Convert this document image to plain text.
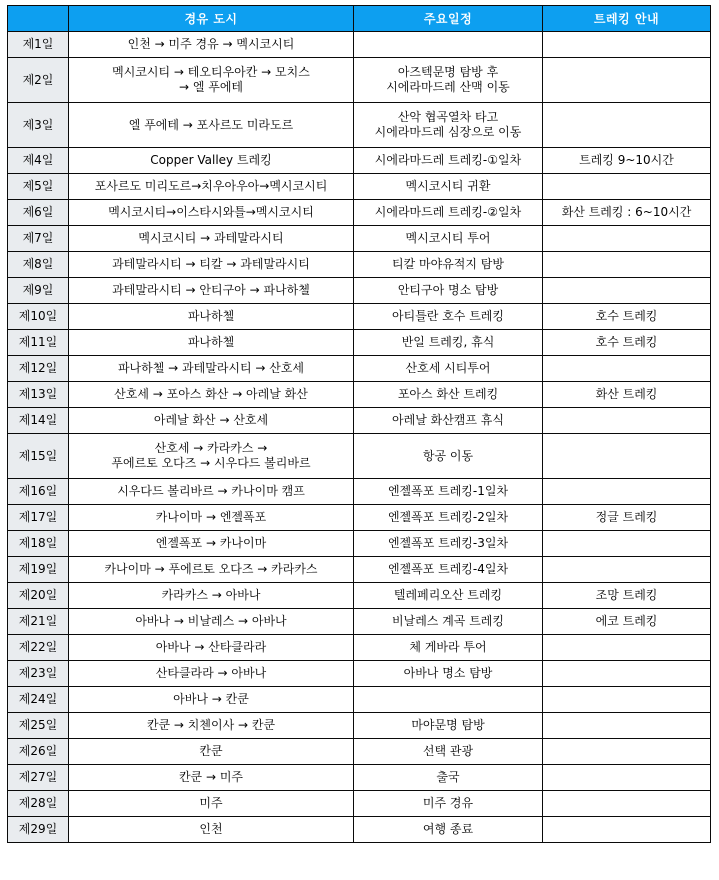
	경유 도시	주요일정	트레킹 안내
제1일	인천 → 미주 경유 → 멕시코시티		
제2일	멕시코시티 → 테오티우아칸 → 모치스
→ 엘 푸에테	아즈텍문명 탐방 후
시에라마드레 산맥 이동	
제3일	엘 푸에테 → 포사르도 미라도르	산악 협곡열차 타고
시에라마드레 심장으로 이동	
제4일	Copper Valley 트레킹	시에라마드레 트레킹-①일차	트레킹 9~10시간
제5일	포사르도 미리도르→치우아우아→멕시코시티	멕시코시티 귀환	
제6일	멕시코시티→이스타시와틀→멕시코시티	시에라마드레 트레킹-②일차	화산 트레킹 : 6~10시간
제7일	멕시코시티 → 과테말라시티	멕시코시티 투어	
제8일	과테말라시티 → 티칼 → 과테말라시티	티칼 마야유적지 탐방	
제9일	과테말라시티 → 안티구아 → 파나하첼	안티구아 명소 탐방	
제10일	파나하첼	아티틀란 호수 트레킹	호수 트레킹
제11일	파나하첼	반일 트레킹, 휴식	호수 트레킹
제12일	파나하첼 → 과테말라시티 → 산호세	산호세 시티투어	
제13일	산호세 → 포아스 화산 → 아레날 화산	포아스 화산 트레킹	화산 트레킹
제14일	아레날 화산 → 산호세	아레날 화산캠프 휴식	
제15일	산호세 → 카라카스 →
푸에르토 오다즈 → 시우다드 볼리바르	항공 이동	
제16일	시우다드 볼리바르 → 카나이마 캠프	엔젤폭포 트레킹-1일차	
제17일	카나이마 → 엔젤폭포	엔젤폭포 트레킹-2일차	정글 트레킹
제18일	엔젤폭포 → 카나이마	엔젤폭포 트레킹-3일차	
제19일	카나이마 → 푸에르토 오다즈 → 카라카스	엔젤폭포 트레킹-4일차	
제20일	카라카스 → 아바나	텔레페리오산 트레킹	조망 트레킹
제21일	아바나 → 비날레스 → 아바나	비날레스 계곡 트레킹	에코 트레킹
제22일	아바나 → 산타클라라	체 게바라 투어	
제23일	산타클라라 → 아바나	아바나 명소 탐방	
제24일	아바나 → 칸쿤		
제25일	칸쿤 → 치첸이사 → 칸쿤	마야문명 탐방	
제26일	칸쿤	선택 관광	
제27일	칸쿤 → 미주	출국	
제28일	미주	미주 경유	
제29일	인천	여행 종료	
